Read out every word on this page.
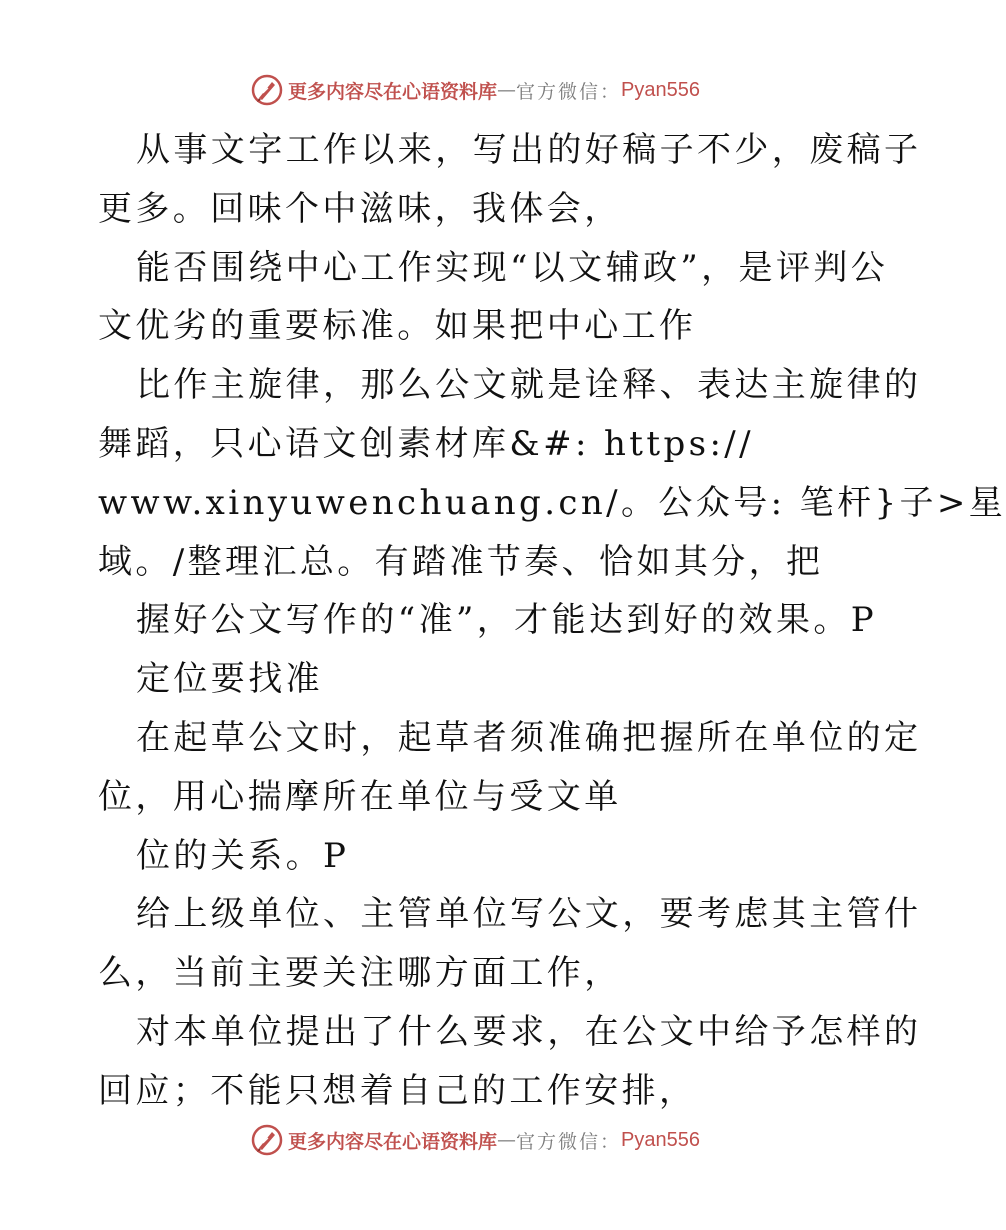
更多内容尽在心语资料库 — 官方微信： Pyan556
从事文字工作以来，写出的好稿子不少，废稿子
更多。回味个中滋味，我体会，
能否围绕中心工作实现“以文辅政”，是评判公
文优劣的重要标准。如果把中心工作
比作主旋律，那么公文就是诠释、表达主旋律的
舞蹈，只心语文创素材库&#: https://
www.xinyuwenchuang.cn/。公众号: 笔杆}子>星
域。/整理汇总。有踏准节奏、恰如其分，把
握好公文写作的“准”，才能达到好的效果。P
定位要找准
在起草公文时，起草者须准确把握所在单位的定
位，用心揣摩所在单位与受文单
位的关系。P
给上级单位、主管单位写公文，要考虑其主管什
么，当前主要关注哪方面工作，
对本单位提出了什么要求，在公文中给予怎样的
回应；不能只想着自己的工作安排，
更多内容尽在心语资料库 — 官方微信： Pyan556
